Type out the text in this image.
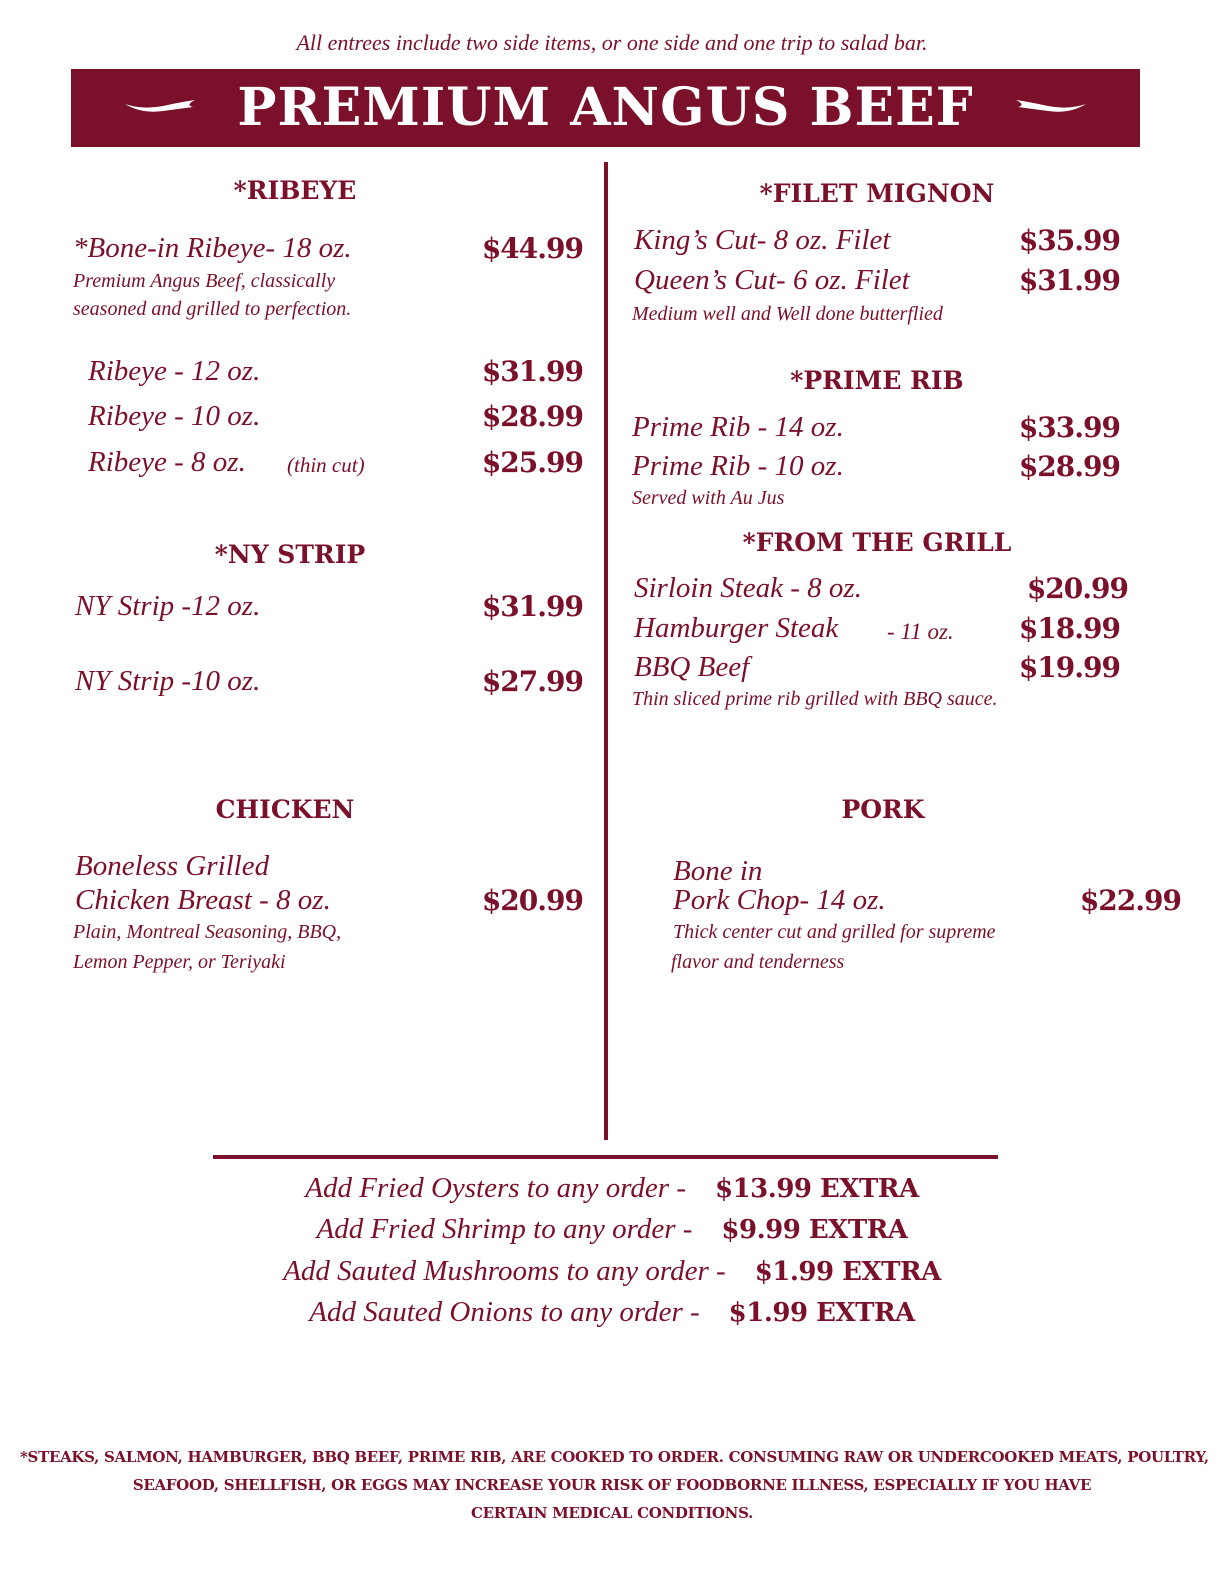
All entrees include two side items, or one side and one trip to salad bar.
PREMIUM ANGUS BEEF
*RIBEYE
*Bone-in Ribeye- 18 oz.	$44.99
Premium Angus Beef, classically
seasoned and grilled to perfection.
Ribeye - 12 oz.	$31.99
Ribeye - 10 oz.	$28.99
Ribeye - 8 oz. (thin cut)	$25.99
*NY STRIP
NY Strip -12 oz.	$31.99
NY Strip -10 oz.	$27.99
CHICKEN
Boneless Grilled
Chicken Breast - 8 oz.	$20.99
Plain, Montreal Seasoning, BBQ,
Lemon Pepper, or Teriyaki
*FILET MIGNON
King’s Cut- 8 oz. Filet	$35.99
Queen’s Cut- 6 oz. Filet	$31.99
Medium well and Well done butterflied
*PRIME RIB
Prime Rib - 14 oz.	$33.99
Prime Rib - 10 oz.	$28.99
Served with Au Jus
*FROM THE GRILL
Sirloin Steak - 8 oz.	$20.99
Hamburger Steak - 11 oz. $18.99
BBQ Beef	$19.99
Thin sliced prime rib grilled with BBQ sauce.
PORK
Bone in
Pork Chop- 14 oz.	$22.99
Thick center cut and grilled for supreme
flavor and tenderness
Add Fried Oysters to any order - $13.99 EXTRA
Add Fried Shrimp to any order - $9.99 EXTRA
Add Sauted Mushrooms to any order - $1.99 EXTRA
Add Sauted Onions to any order - $1.99 EXTRA
*STEAKS, SALMON, HAMBURGER, BBQ BEEF, PRIME RIB, ARE COOKED TO ORDER. CONSUMING RAW OR UNDERCOOKED MEATS, POULTRY,
SEAFOOD, SHELLFISH, OR EGGS MAY INCREASE YOUR RISK OF FOODBORNE ILLNESS, ESPECIALLY IF YOU HAVE
CERTAIN MEDICAL CONDITIONS.
